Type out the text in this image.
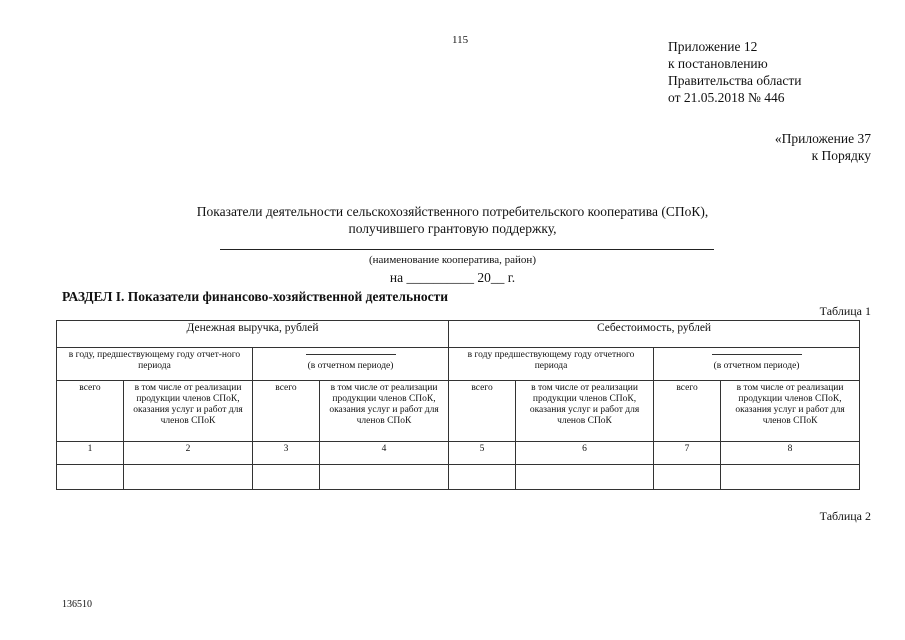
115	Приложение 12
к постановлению
Правительства области
от 21.05.2018 № 446
«Приложение 37
к Порядку
Показатели деятельности сельскохозяйственного потребительского кооператива (СПоК),
получившего грантовую поддержку,
(наименование кооператива, район)
на __________ 20__ г.
РАЗДЕЛ I. Показатели финансово-хозяйственной деятельности
Таблица 1
Денежная выручка, рублей				Себестоимость, рублей			
в году, предшествующему году отчет-ного периода		(в отчетном периоде)		в году предшествующему году отчетного периода		(в отчетном периоде)	
всего	в том числе от реализации продукции членов СПоК, оказания услуг и работ для членов СПоК	всего	в том числе от реализации продукции членов СПоК, оказания услуг и работ для членов СПоК	всего	в том числе от реализации продукции членов СПоК, оказания услуг и работ для членов СПоК	всего	в том числе от реализации продукции членов СПоК, оказания услуг и работ для членов СПоК
1	2	3	4	5	6	7	8

Таблица 2
136510
